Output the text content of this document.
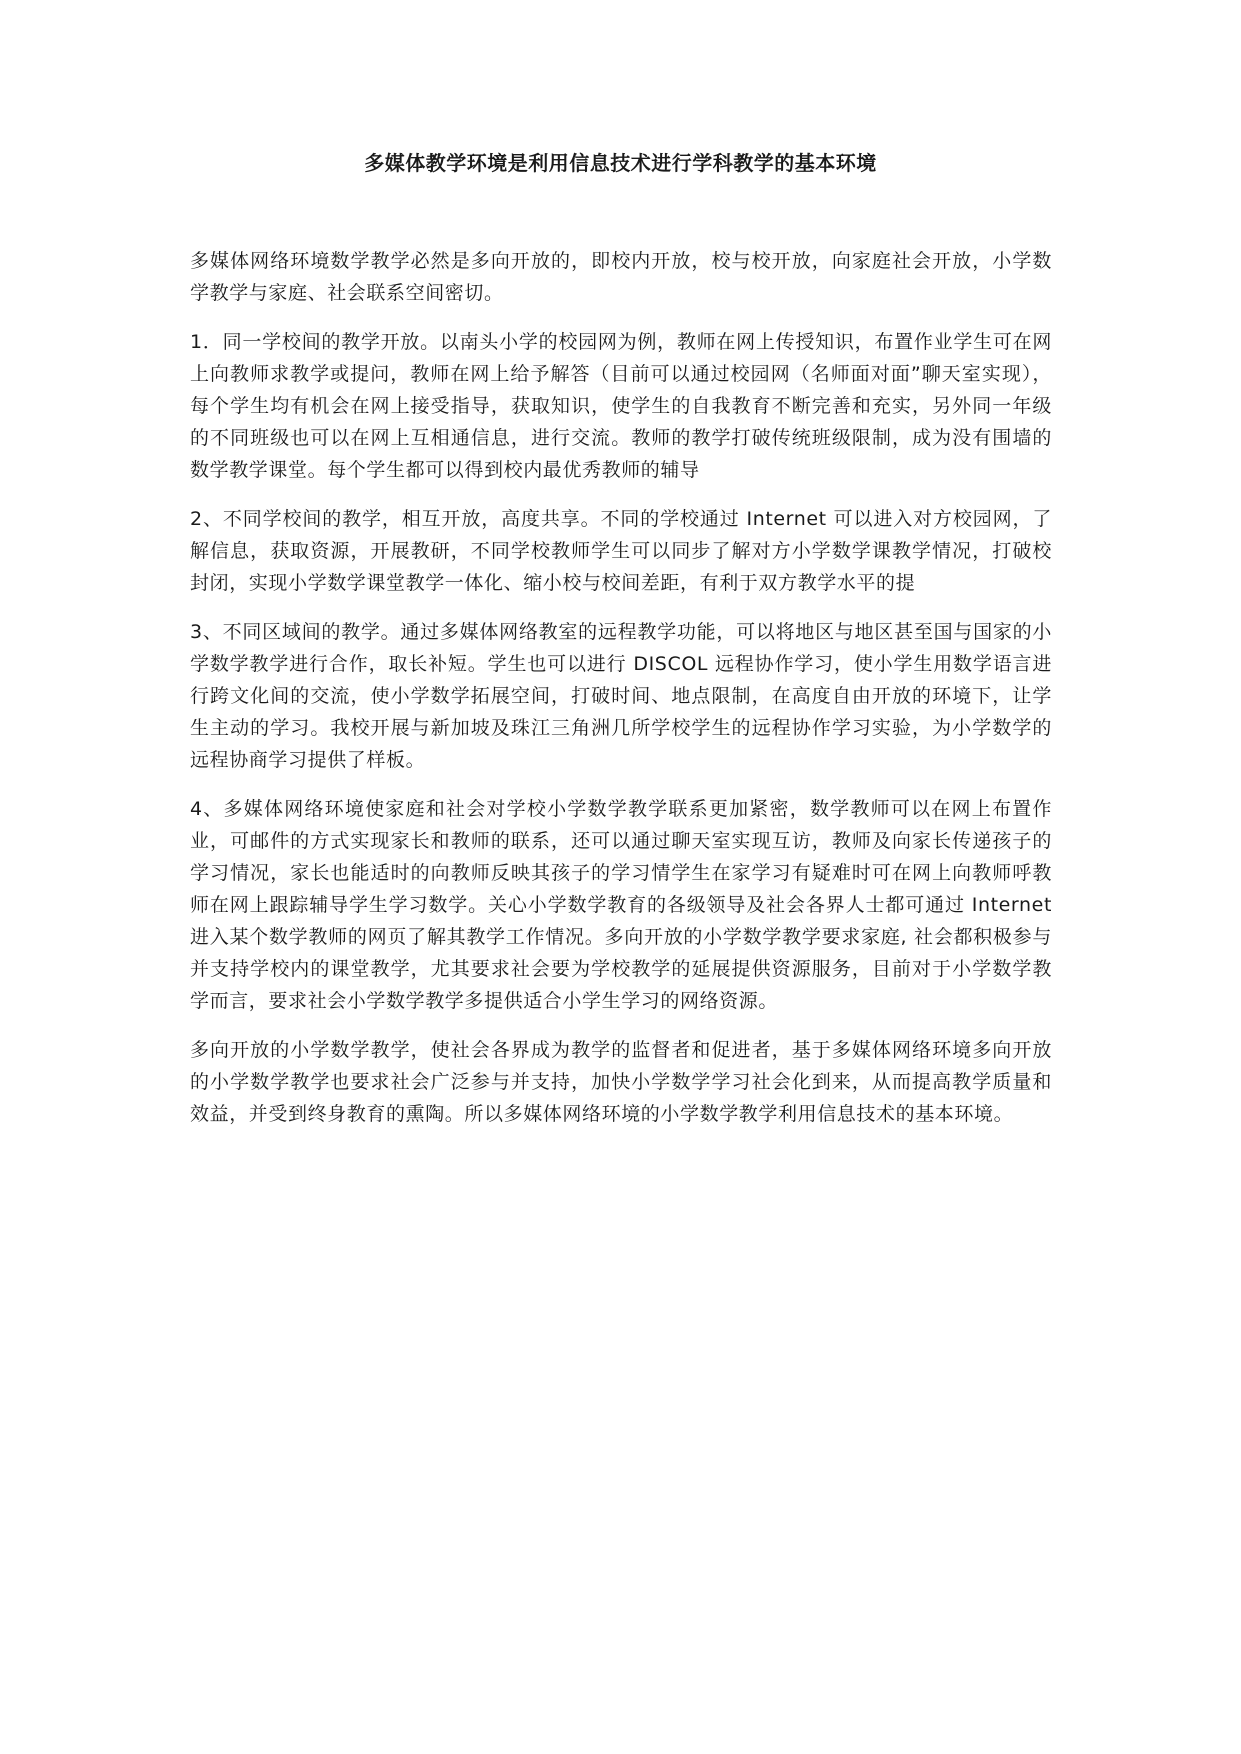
多媒体教学环境是利用信息技术进行学科教学的基本环境

多媒体网络环境数学教学必然是多向开放的，即校内开放，校与校开放，向家庭社会开放，小学数学教学与家庭、社会联系空间密切。

1．同一学校间的教学开放。以南头小学的校园网为例，教师在网上传授知识，布置作业学生可在网上向教师求教学或提问，教师在网上给予解答（目前可以通过校园网（名师面对面”聊天室实现），每个学生均有机会在网上接受指导，获取知识，使学生的自我教育不断完善和充实，另外同一年级的不同班级也可以在网上互相通信息，进行交流。教师的教学打破传统班级限制，成为没有围墙的数学教学课堂。每个学生都可以得到校内最优秀教师的辅导

2、不同学校间的教学，相互开放，高度共享。不同的学校通过 Internet 可以进入对方校园网，了解信息，获取资源，开展教研，不同学校教师学生可以同步了解对方小学数学课教学情况，打破校封闭，实现小学数学课堂教学一体化、缩小校与校间差距，有利于双方教学水平的提

3、不同区域间的教学。通过多媒体网络教室的远程教学功能，可以将地区与地区甚至国与国家的小学数学教学进行合作，取长补短。学生也可以进行 DISCOL 远程协作学习，使小学生用数学语言进行跨文化间的交流，使小学数学拓展空间，打破时间、地点限制，在高度自由开放的环境下，让学生主动的学习。我校开展与新加坡及珠江三角洲几所学校学生的远程协作学习实验，为小学数学的远程协商学习提供了样板。

4、多媒体网络环境使家庭和社会对学校小学数学教学联系更加紧密，数学教师可以在网上布置作业，可邮件的方式实现家长和教师的联系，还可以通过聊天室实现互访，教师及向家长传递孩子的学习情况，家长也能适时的向教师反映其孩子的学习情学生在家学习有疑难时可在网上向教师呼教师在网上跟踪辅导学生学习数学。关心小学数学教育的各级领导及社会各界人士都可通过 Internet 进入某个数学教师的网页了解其教学工作情况。多向开放的小学数学教学要求家庭, 社会都积极参与并支持学校内的课堂教学，尤其要求社会要为学校教学的延展提供资源服务，目前对于小学数学教学而言，要求社会小学数学教学多提供适合小学生学习的网络资源。

多向开放的小学数学教学，使社会各界成为教学的监督者和促进者，基于多媒体网络环境多向开放的小学数学教学也要求社会广泛参与并支持，加快小学数学学习社会化到来，从而提高教学质量和效益，并受到终身教育的熏陶。所以多媒体网络环境的小学数学教学利用信息技术的基本环境。
